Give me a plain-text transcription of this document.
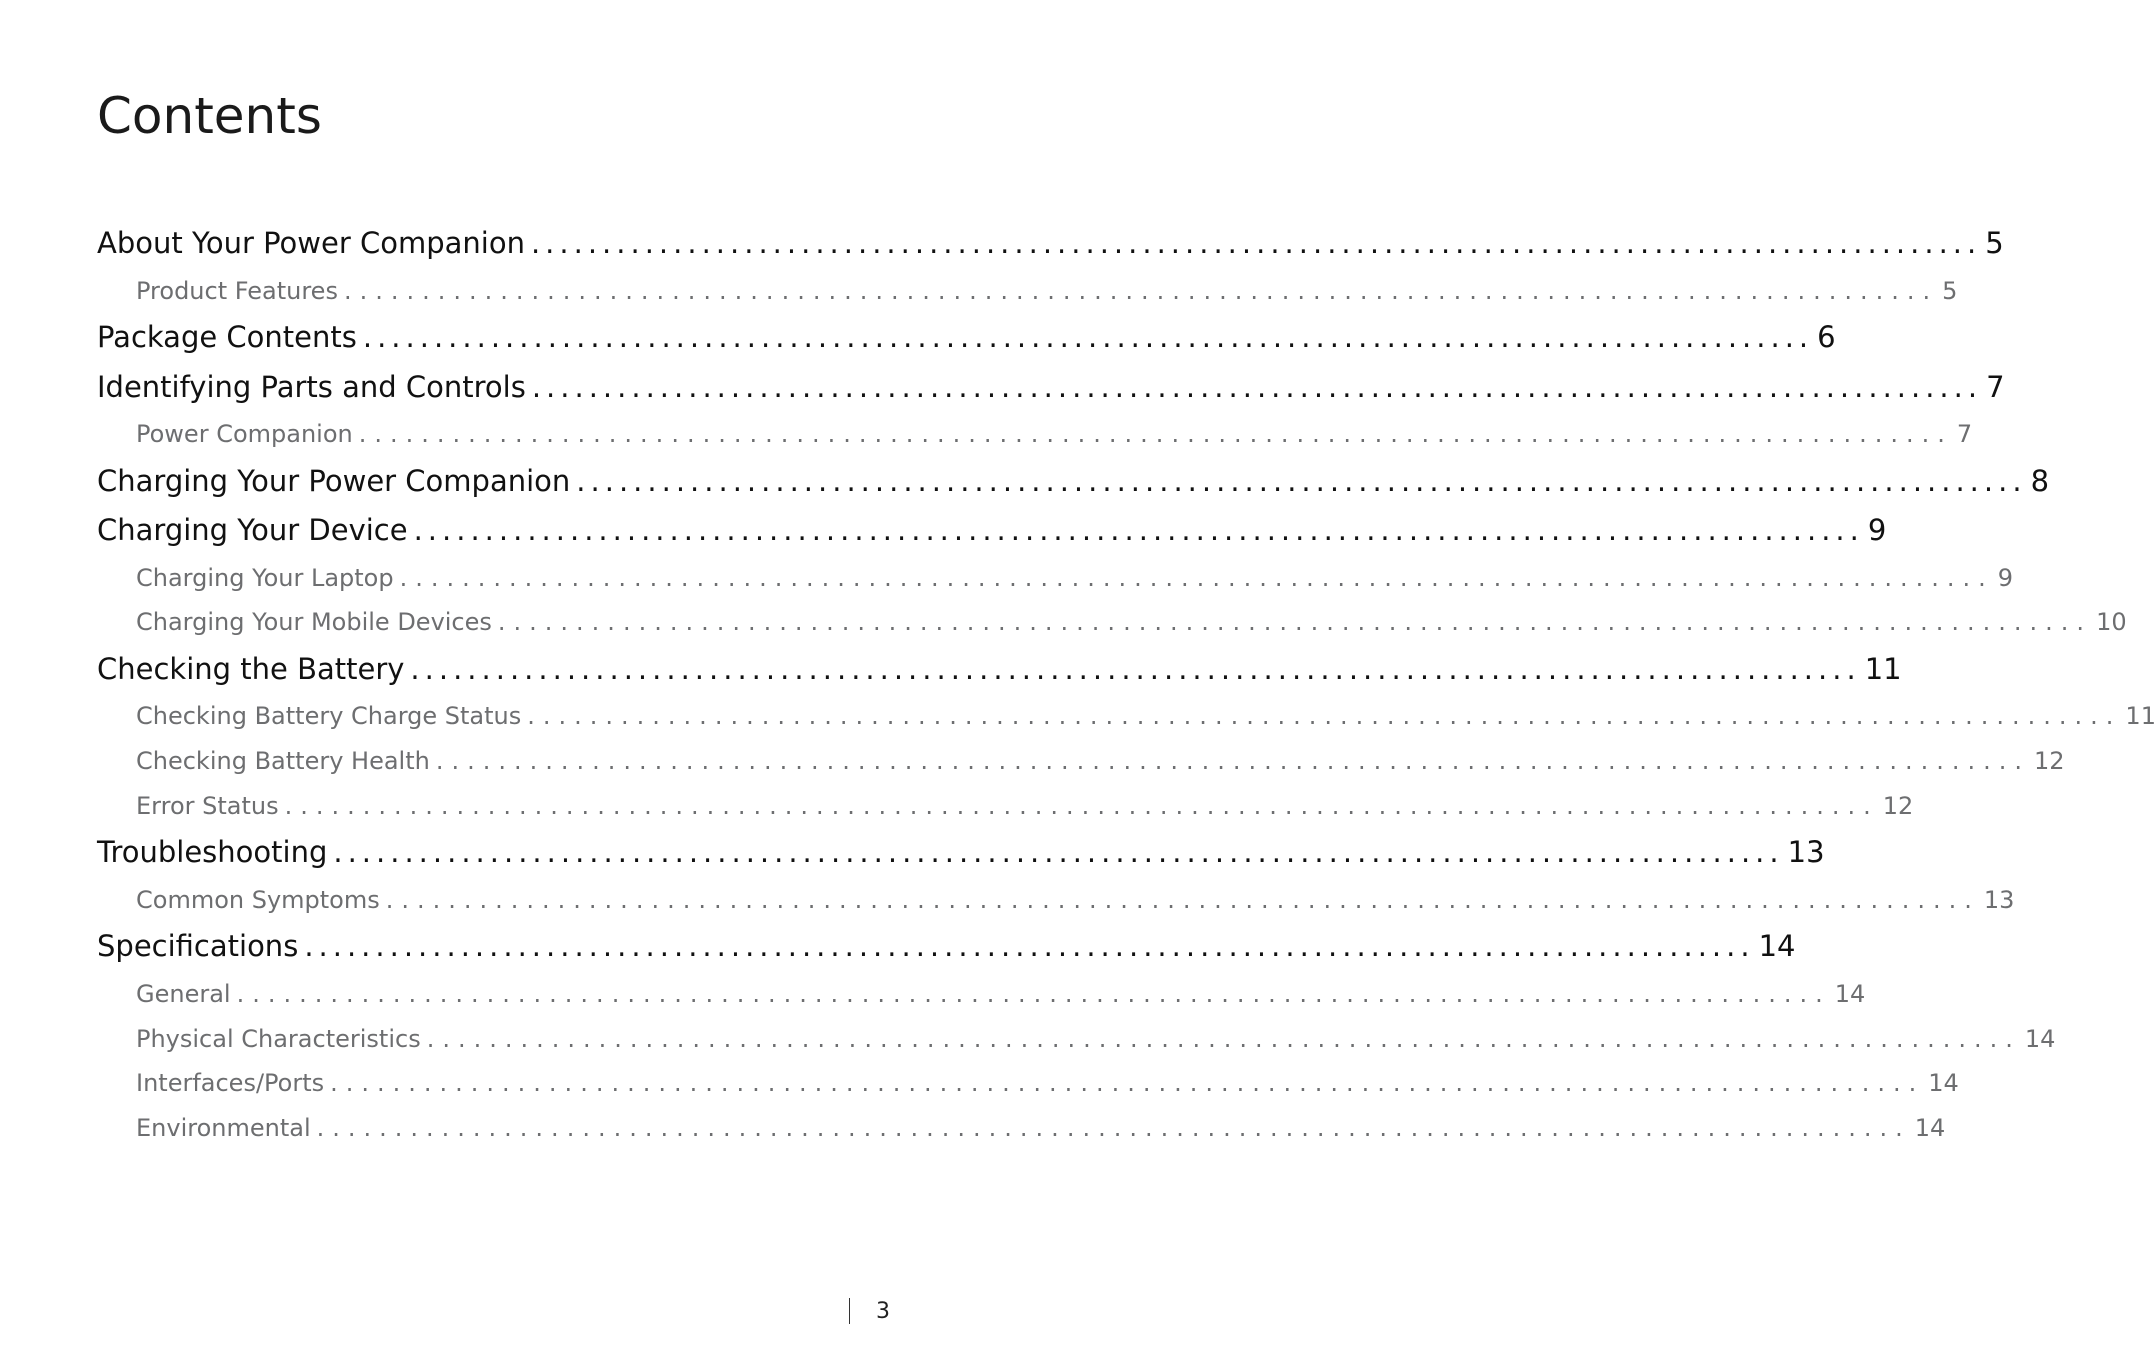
Contents
About Your Power Companion ...................................................................................................... 5
Product Features ...................................................................................................... 5
Package Contents ...................................................................................................... 6
Identifying Parts and Controls ...................................................................................................... 7
Power Companion ...................................................................................................... 7
Charging Your Power Companion ...................................................................................................... 8
Charging Your Device ...................................................................................................... 9
Charging Your Laptop ...................................................................................................... 9
Charging Your Mobile Devices ...................................................................................................... 10
Checking the Battery ...................................................................................................... 11
Checking Battery Charge Status ...................................................................................................... 11
Checking Battery Health ...................................................................................................... 12
Error Status ...................................................................................................... 12
Troubleshooting ...................................................................................................... 13
Common Symptoms ...................................................................................................... 13
Specifications ...................................................................................................... 14
General ...................................................................................................... 14
Physical Characteristics ...................................................................................................... 14
Interfaces/Ports ...................................................................................................... 14
Environmental ...................................................................................................... 14
3
